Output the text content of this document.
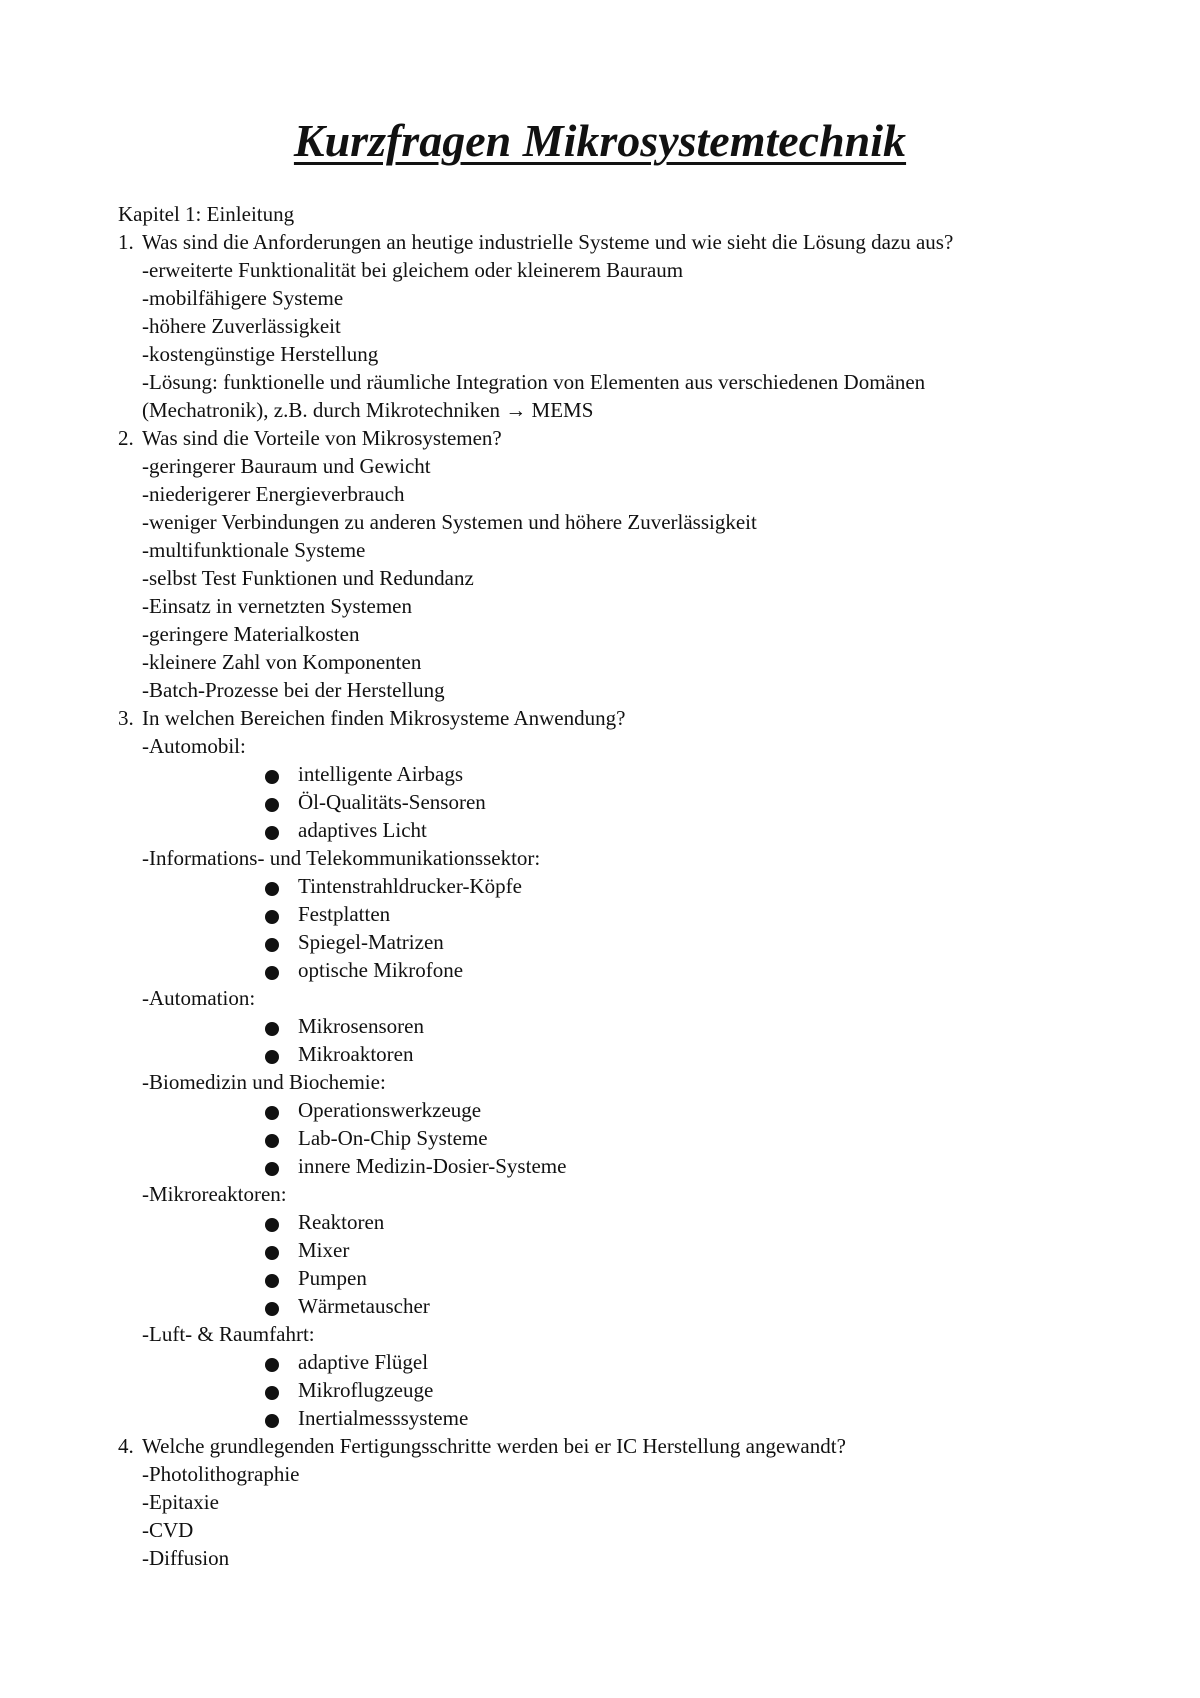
Kurzfragen Mikrosystemtechnik
Kapitel 1: Einleitung
1. Was sind die Anforderungen an heutige industrielle Systeme und wie sieht die Lösung dazu aus?
-erweiterte Funktionalität bei gleichem oder kleinerem Bauraum
-mobilfähigere Systeme
-höhere Zuverlässigkeit
-kostengünstige Herstellung
-Lösung: funktionelle und räumliche Integration von Elementen aus verschiedenen Domänen
(Mechatronik), z.B. durch Mikrotechniken → MEMS
2. Was sind die Vorteile von Mikrosystemen?
-geringerer Bauraum und Gewicht
-niederigerer Energieverbrauch
-weniger Verbindungen zu anderen Systemen und höhere Zuverlässigkeit
-multifunktionale Systeme
-selbst Test Funktionen und Redundanz
-Einsatz in vernetzten Systemen
-geringere Materialkosten
-kleinere Zahl von Komponenten
-Batch-Prozesse bei der Herstellung
3. In welchen Bereichen finden Mikrosysteme Anwendung?
-Automobil:
intelligente Airbags
Öl-Qualitäts-Sensoren
adaptives Licht
-Informations- und Telekommunikationssektor:
Tintenstrahldrucker-Köpfe
Festplatten
Spiegel-Matrizen
optische Mikrofone
-Automation:
Mikrosensoren
Mikroaktoren
-Biomedizin und Biochemie:
Operationswerkzeuge
Lab-On-Chip Systeme
innere Medizin-Dosier-Systeme
-Mikroreaktoren:
Reaktoren
Mixer
Pumpen
Wärmetauscher
-Luft- & Raumfahrt:
adaptive Flügel
Mikroflugzeuge
Inertialmesssysteme
4. Welche grundlegenden Fertigungsschritte werden bei er IC Herstellung angewandt?
-Photolithographie
-Epitaxie
-CVD
-Diffusion
